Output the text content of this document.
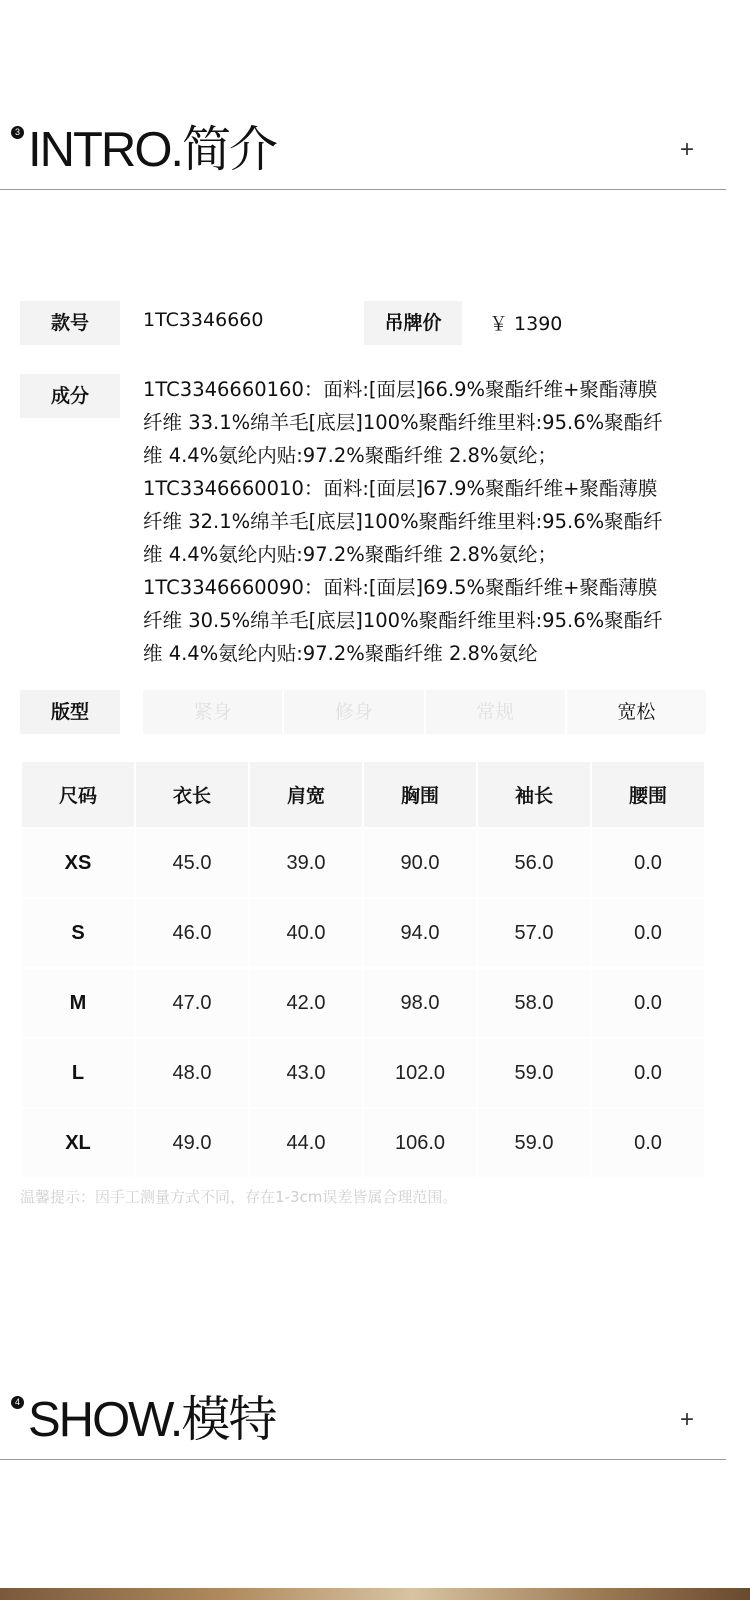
3 INTRO.简介	+
款号	1TC3346660	吊牌价	￥ 1390
成分	1TC3346660160：面料:[面层]66.9%聚酯纤维+聚酯薄膜
纤维 33.1%绵羊毛[底层]100%聚酯纤维里料:95.6%聚酯纤
维 4.4%氨纶内贴:97.2%聚酯纤维 2.8%氨纶；
1TC3346660010：面料:[面层]67.9%聚酯纤维+聚酯薄膜
纤维 32.1%绵羊毛[底层]100%聚酯纤维里料:95.6%聚酯纤
维 4.4%氨纶内贴:97.2%聚酯纤维 2.8%氨纶；
1TC3346660090：面料:[面层]69.5%聚酯纤维+聚酯薄膜
纤维 30.5%绵羊毛[底层]100%聚酯纤维里料:95.6%聚酯纤
维 4.4%氨纶内贴:97.2%聚酯纤维 2.8%氨纶
版型	紧身	修身	常规	宽松
尺码	衣长	肩宽	胸围	袖长	腰围
XS	45.0	39.0	90.0	56.0	0.0
S	46.0	40.0	94.0	57.0	0.0
M	47.0	42.0	98.0	58.0	0.0
L	48.0	43.0	102.0	59.0	0.0
XL	49.0	44.0	106.0	59.0	0.0
温馨提示：因手工测量方式不同，存在1-3cm误差皆属合理范围。
4 SHOW.模特	+
